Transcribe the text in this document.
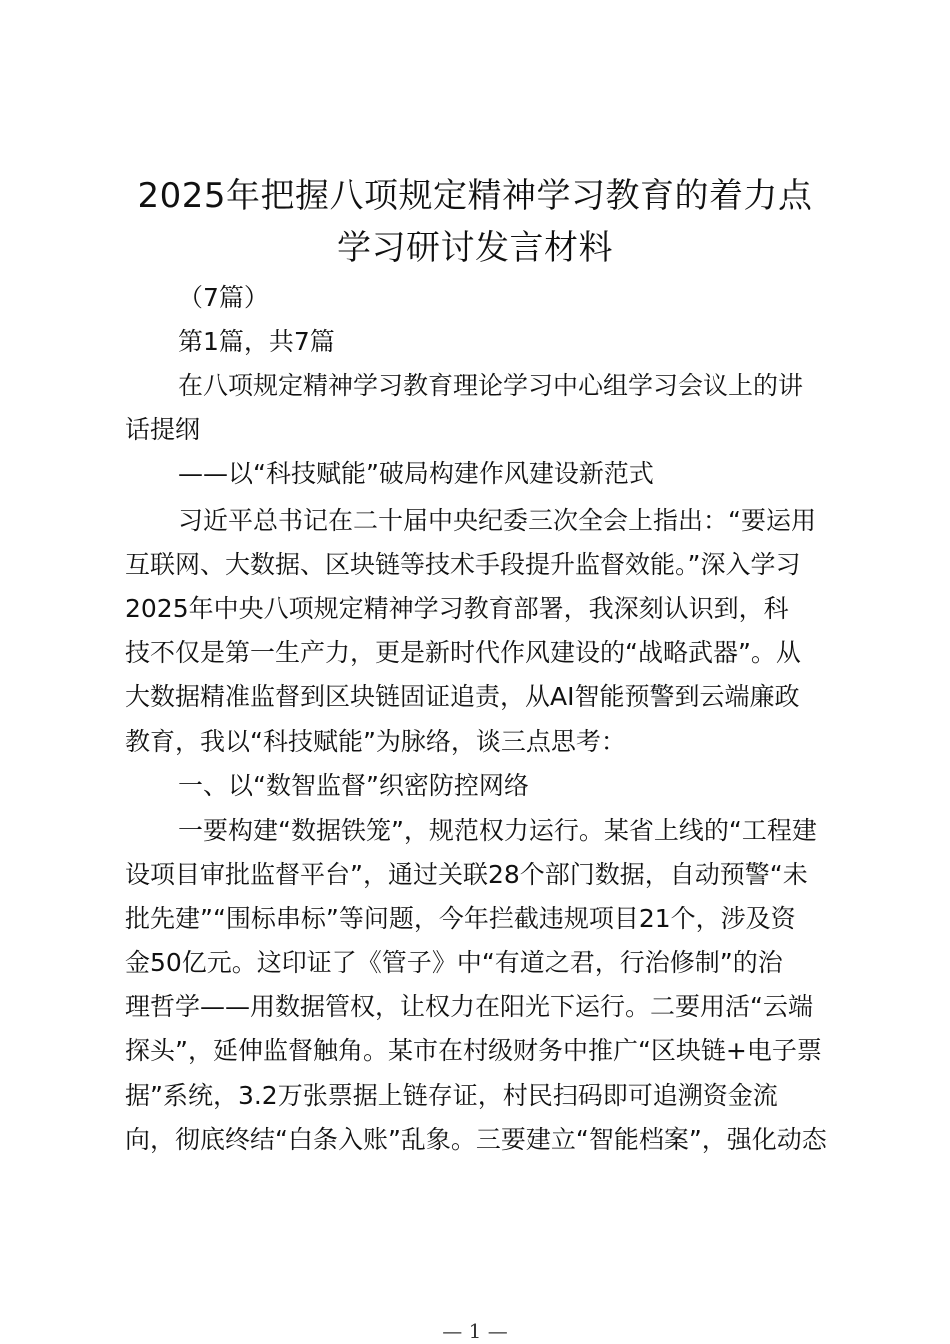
2025年把握八项规定精神学习教育的着力点
学习研讨发言材料

（7篇）

第1篇，共7篇

在八项规定精神学习教育理论学习中心组学习会议上的讲

话提纲

——以“科技赋能”破局构建作风建设新范式

习近平总书记在二十届中央纪委三次全会上指出：“要运用

互联网、大数据、区块链等技术手段提升监督效能。”深入学习

2025年中央八项规定精神学习教育部署，我深刻认识到，科

技不仅是第一生产力，更是新时代作风建设的“战略武器”。从

大数据精准监督到区块链固证追责，从AI智能预警到云端廉政

教育，我以“科技赋能”为脉络，谈三点思考：

一、以“数智监督”织密防控网络

一要构建“数据铁笼”，规范权力运行。某省上线的“工程建

设项目审批监督平台”，通过关联28个部门数据，自动预警“未

批先建”“围标串标”等问题，今年拦截违规项目21个，涉及资

金50亿元。这印证了《管子》中“有道之君，行治修制”的治

理哲学——用数据管权，让权力在阳光下运行。二要用活“云端

探头”，延伸监督触角。某市在村级财务中推广“区块链+电子票

据”系统，3.2万张票据上链存证，村民扫码即可追溯资金流

向，彻底终结“白条入账”乱象。三要建立“智能档案”，强化动态

— 1 —
